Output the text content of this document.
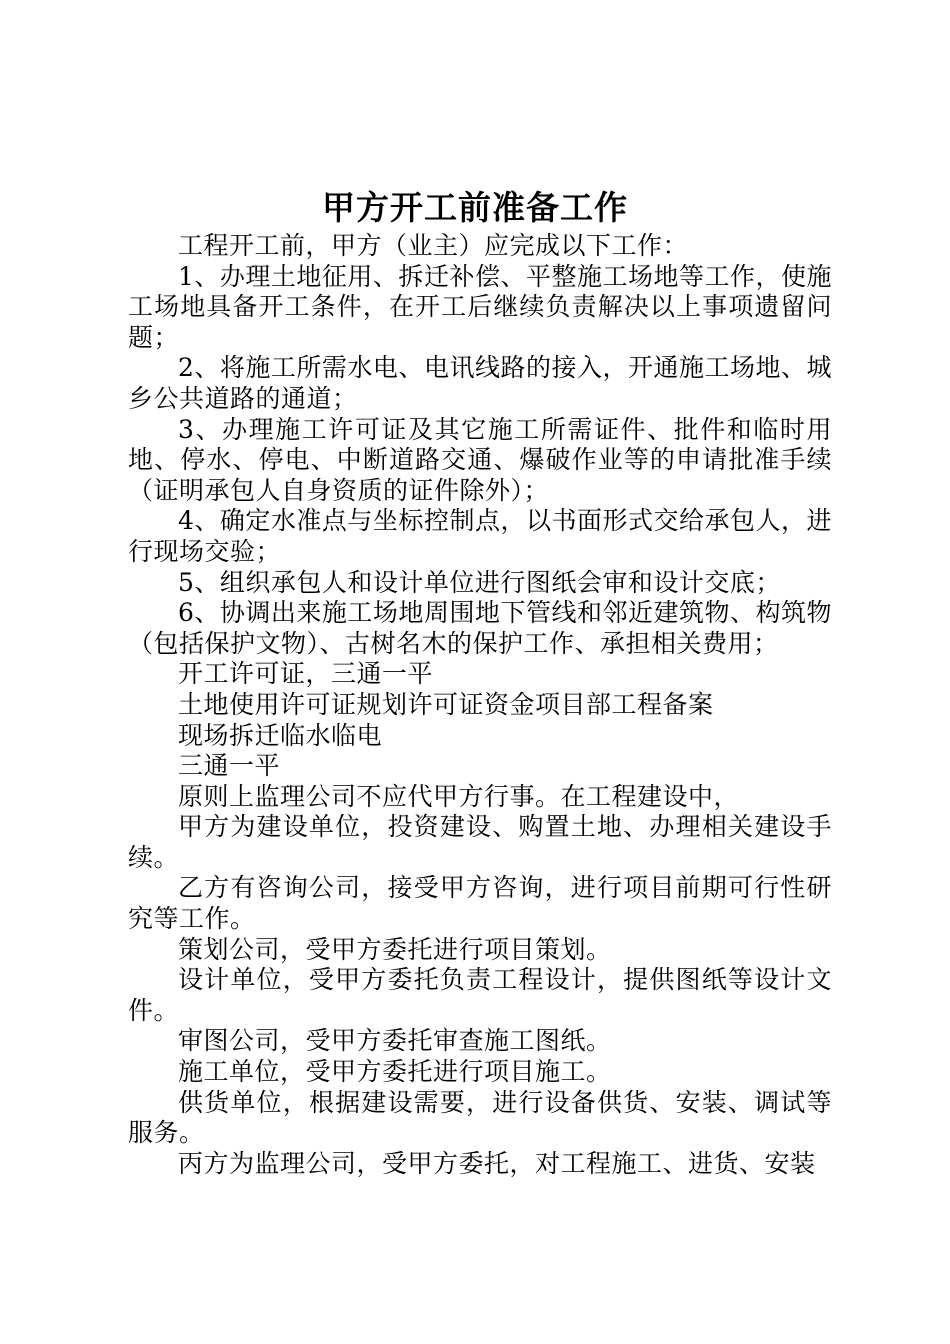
甲方开工前准备工作

工程开工前，甲方（业主）应完成以下工作：

1、办理土地征用、拆迁补偿、平整施工场地等工作，使施工场地具备开工条件，在开工后继续负责解决以上事项遗留问题；

2、将施工所需水电、电讯线路的接入，开通施工场地、城乡公共道路的通道；

3、办理施工许可证及其它施工所需证件、批件和临时用地、停水、停电、中断道路交通、爆破作业等的申请批准手续（证明承包人自身资质的证件除外）；

4、确定水准点与坐标控制点，以书面形式交给承包人，进行现场交验；

5、组织承包人和设计单位进行图纸会审和设计交底；

6、协调出来施工场地周围地下管线和邻近建筑物、构筑物（包括保护文物）、古树名木的保护工作、承担相关费用；

开工许可证，三通一平

土地使用许可证规划许可证资金项目部工程备案

现场拆迁临水临电

三通一平

原则上监理公司不应代甲方行事。在工程建设中，

甲方为建设单位，投资建设、购置土地、办理相关建设手续。

乙方有咨询公司，接受甲方咨询，进行项目前期可行性研究等工作。

策划公司，受甲方委托进行项目策划。

设计单位，受甲方委托负责工程设计，提供图纸等设计文件。

审图公司，受甲方委托审查施工图纸。

施工单位，受甲方委托进行项目施工。

供货单位，根据建设需要，进行设备供货、安装、调试等服务。

丙方为监理公司，受甲方委托，对工程施工、进货、安装
